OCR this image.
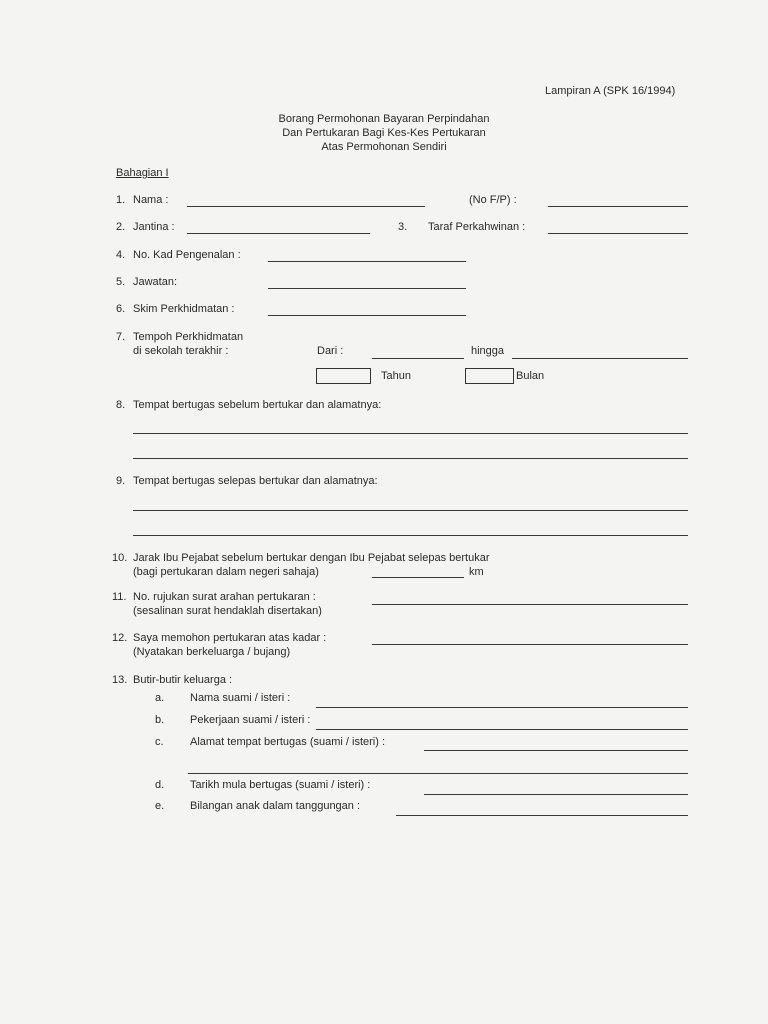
Lampiran A (SPK 16/1994)
Borang Permohonan Bayaran Perpindahan
Dan Pertukaran Bagi Kes-Kes Pertukaran
Atas Permohonan Sendiri
Bahagian I
1. Nama :	(No F/P) :
2. Jantina :	3. Taraf Perkahwinan :
4. No. Kad Pengenalan :
5. Jawatan:
6. Skim Perkhidmatan :
7. Tempoh Perkhidmatan
di sekolah terakhir :	Dari :	hingga
Tahun	Bulan
8. Tempat bertugas sebelum bertukar dan alamatnya:
9. Tempat bertugas selepas bertukar dan alamatnya:
10. Jarak Ibu Pejabat sebelum bertukar dengan Ibu Pejabat selepas bertukar
(bagi pertukaran dalam negeri sahaja)	km
11. No. rujukan surat arahan pertukaran :
(sesalinan surat hendaklah disertakan)
12. Saya memohon pertukaran atas kadar :
(Nyatakan berkeluarga / bujang)
13. Butir-butir keluarga :
a. Nama suami / isteri :
b. Pekerjaan suami / isteri :
c. Alamat tempat bertugas (suami / isteri) :
d. Tarikh mula bertugas (suami / isteri) :
e. Bilangan anak dalam tanggungan :
